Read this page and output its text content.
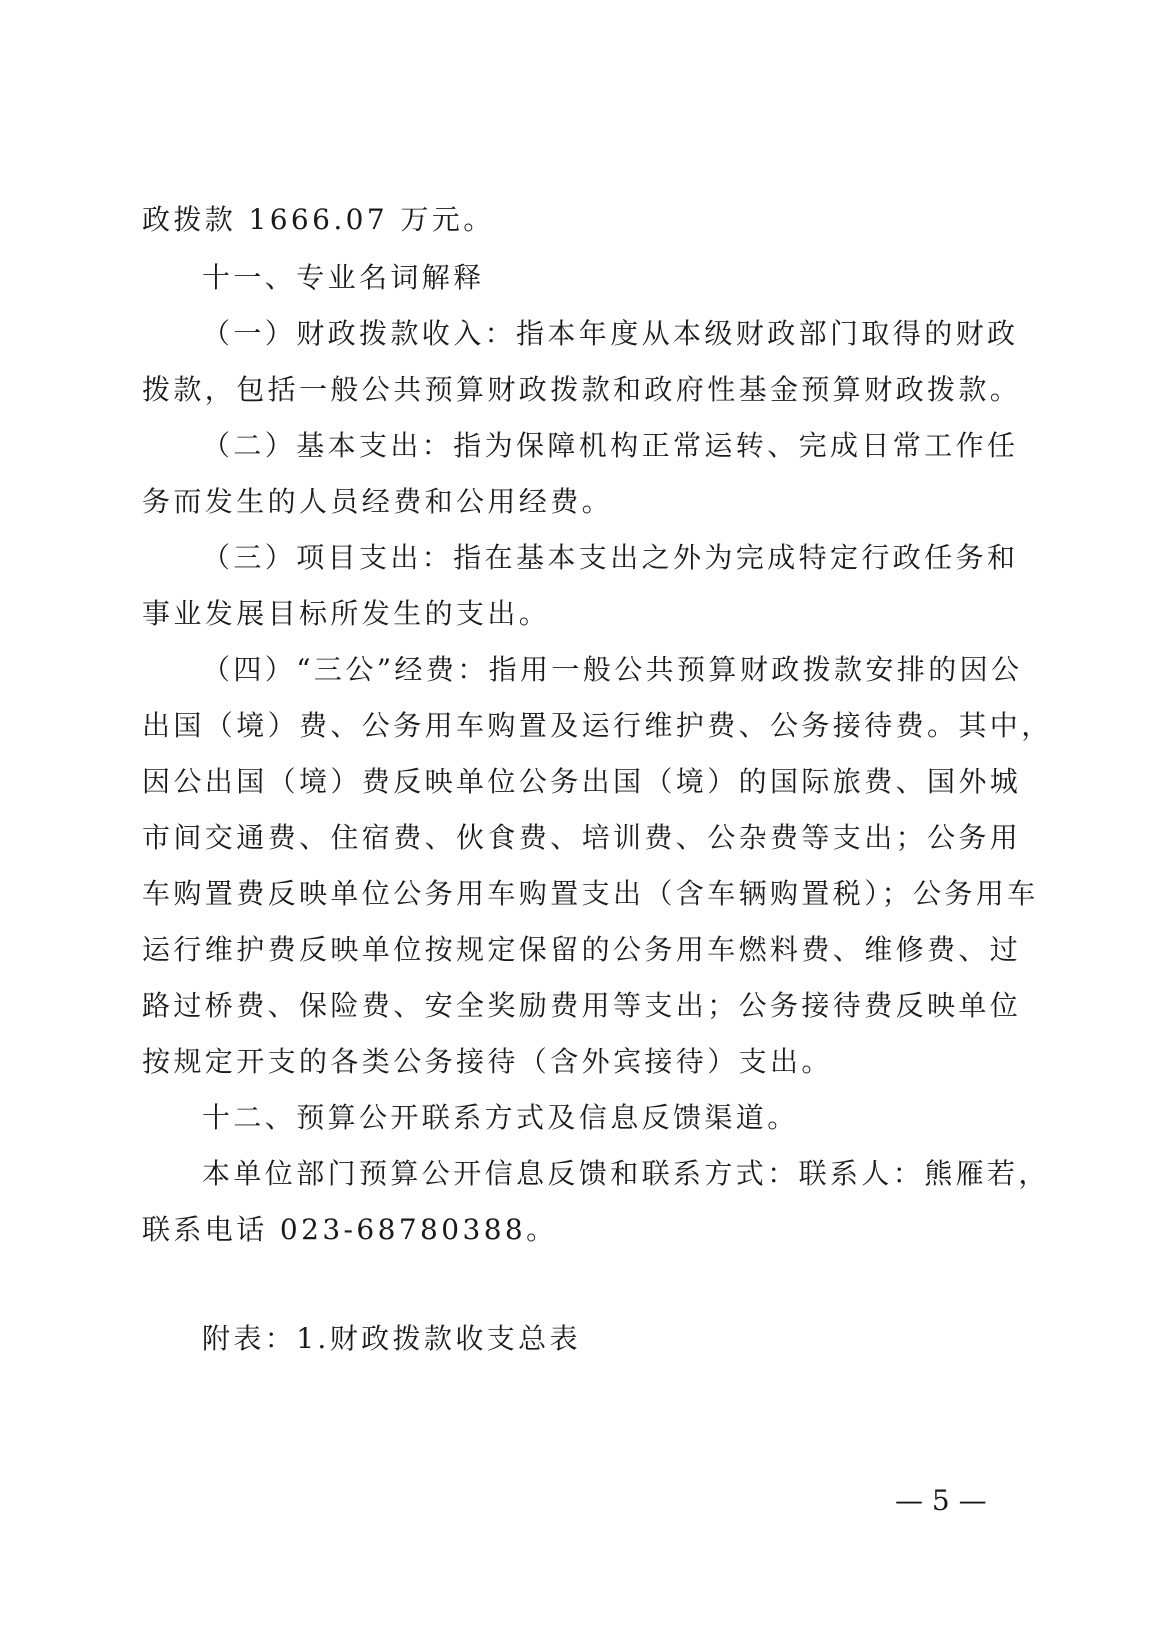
政拨款 1666.07 万元。
十一、专业名词解释
（一）财政拨款收入：指本年度从本级财政部门取得的财政
拨款，包括一般公共预算财政拨款和政府性基金预算财政拨款。
（二）基本支出：指为保障机构正常运转、完成日常工作任
务而发生的人员经费和公用经费。
（三）项目支出：指在基本支出之外为完成特定行政任务和
事业发展目标所发生的支出。
（四）“三公”经费：指用一般公共预算财政拨款安排的因公
出国（境）费、公务用车购置及运行维护费、公务接待费。其中，
因公出国（境）费反映单位公务出国（境）的国际旅费、国外城
市间交通费、住宿费、伙食费、培训费、公杂费等支出；公务用
车购置费反映单位公务用车购置支出（含车辆购置税）；公务用车
运行维护费反映单位按规定保留的公务用车燃料费、维修费、过
路过桥费、保险费、安全奖励费用等支出；公务接待费反映单位
按规定开支的各类公务接待（含外宾接待）支出。
十二、预算公开联系方式及信息反馈渠道。
本单位部门预算公开信息反馈和联系方式：联系人：熊雁若，
联系电话 023-68780388。
附表：1.财政拨款收支总表
— 5 —
